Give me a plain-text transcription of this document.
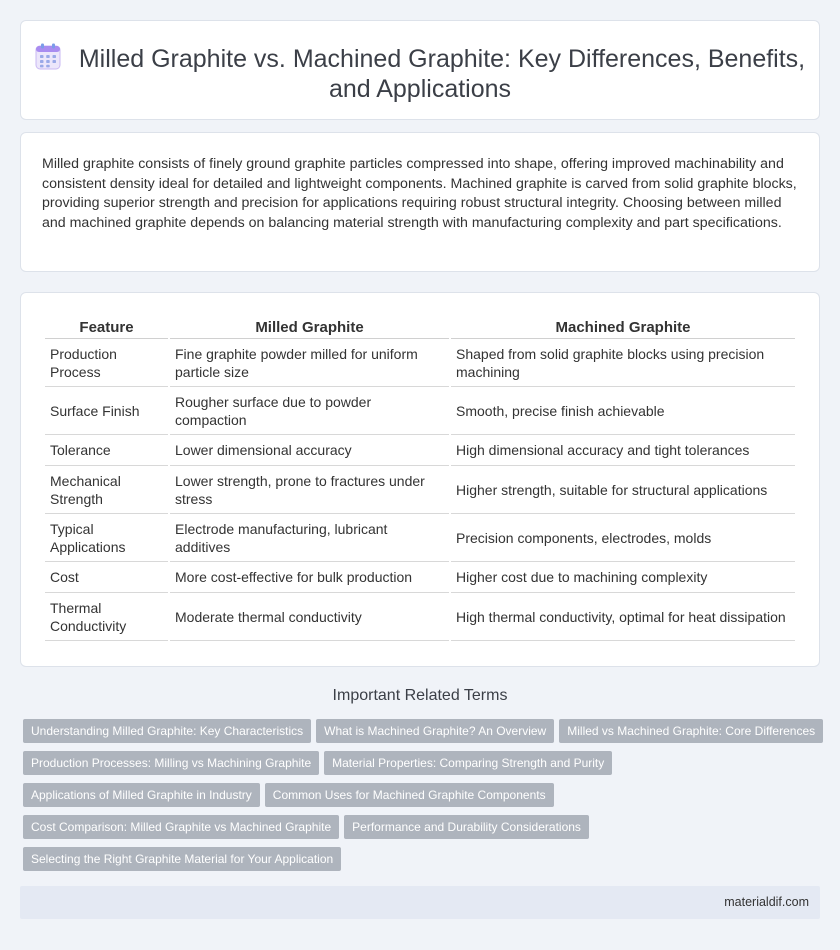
Milled Graphite vs. Machined Graphite: Key Differences, Benefits, and Applications
Milled graphite consists of finely ground graphite particles compressed into shape, offering improved machinability and consistent density ideal for detailed and lightweight components. Machined graphite is carved from solid graphite blocks, providing superior strength and precision for applications requiring robust structural integrity. Choosing between milled and machined graphite depends on balancing material strength with manufacturing complexity and part specifications.
Feature	Milled Graphite	Machined Graphite
Production Process	Fine graphite powder milled for uniform particle size	Shaped from solid graphite blocks using precision machining
Surface Finish	Rougher surface due to powder compaction	Smooth, precise finish achievable
Tolerance	Lower dimensional accuracy	High dimensional accuracy and tight tolerances
Mechanical Strength	Lower strength, prone to fractures under stress	Higher strength, suitable for structural applications
Typical Applications	Electrode manufacturing, lubricant additives	Precision components, electrodes, molds
Cost	More cost-effective for bulk production	Higher cost due to machining complexity
Thermal Conductivity	Moderate thermal conductivity	High thermal conductivity, optimal for heat dissipation
Important Related Terms
Understanding Milled Graphite: Key Characteristics What is Machined Graphite? An Overview Milled vs Machined Graphite: Core Differences
Production Processes: Milling vs Machining Graphite Material Properties: Comparing Strength and Purity
Applications of Milled Graphite in Industry Common Uses for Machined Graphite Components
Cost Comparison: Milled Graphite vs Machined Graphite Performance and Durability Considerations
Selecting the Right Graphite Material for Your Application
materialdif.com
